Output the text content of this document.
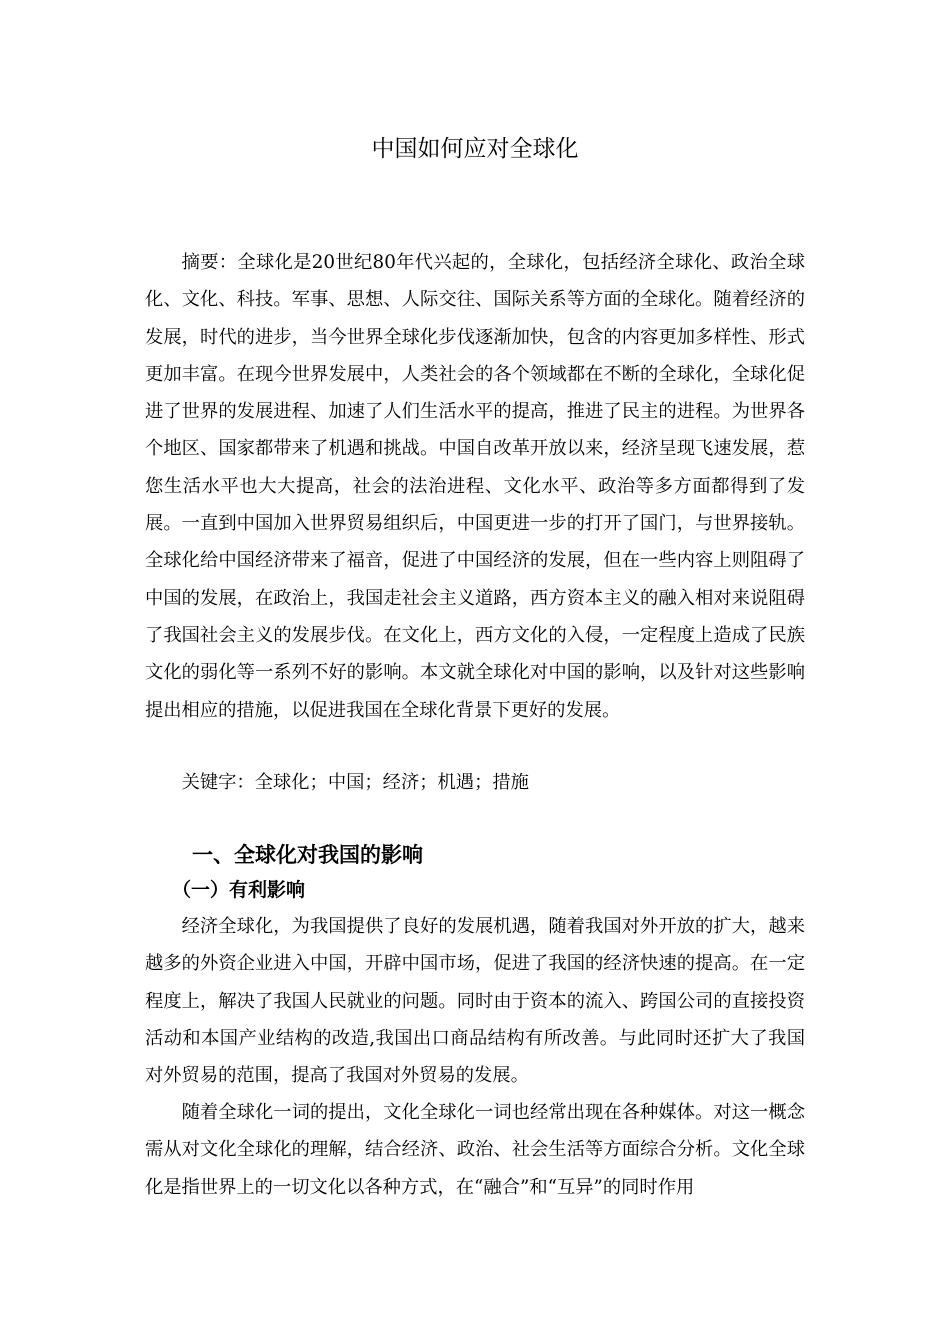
中国如何应对全球化

摘要：全球化是20世纪80年代兴起的，全球化，包括经济全球化、政治全球化、文化、科技。军事、思想、人际交往、国际关系等方面的全球化。随着经济的发展，时代的进步，当今世界全球化步伐逐渐加快，包含的内容更加多样性、形式更加丰富。在现今世界发展中，人类社会的各个领域都在不断的全球化，全球化促进了世界的发展进程、加速了人们生活水平的提高，推进了民主的进程。为世界各个地区、国家都带来了机遇和挑战。中国自改革开放以来，经济呈现飞速发展，惹您生活水平也大大提高，社会的法治进程、文化水平、政治等多方面都得到了发展。一直到中国加入世界贸易组织后，中国更进一步的打开了国门，与世界接轨。全球化给中国经济带来了福音，促进了中国经济的发展，但在一些内容上则阻碍了中国的发展，在政治上，我国走社会主义道路，西方资本主义的融入相对来说阻碍了我国社会主义的发展步伐。在文化上，西方文化的入侵，一定程度上造成了民族文化的弱化等一系列不好的影响。本文就全球化对中国的影响，以及针对这些影响提出相应的措施，以促进我国在全球化背景下更好的发展。

关键字：全球化；中国；经济；机遇；措施

一、全球化对我国的影响
（一）有利影响

经济全球化，为我国提供了良好的发展机遇，随着我国对外开放的扩大，越来越多的外资企业进入中国，开辟中国市场，促进了我国的经济快速的提高。在一定程度上，解决了我国人民就业的问题。同时由于资本的流入、跨国公司的直接投资活动和本国产业结构的改造,我国出口商品结构有所改善。与此同时还扩大了我国对外贸易的范围，提高了我国对外贸易的发展。

随着全球化一词的提出，文化全球化一词也经常出现在各种媒体。对这一概念需从对文化全球化的理解，结合经济、政治、社会生活等方面综合分析。文化全球化是指世界上的一切文化以各种方式，在“融合”和“互异”的同时作用
